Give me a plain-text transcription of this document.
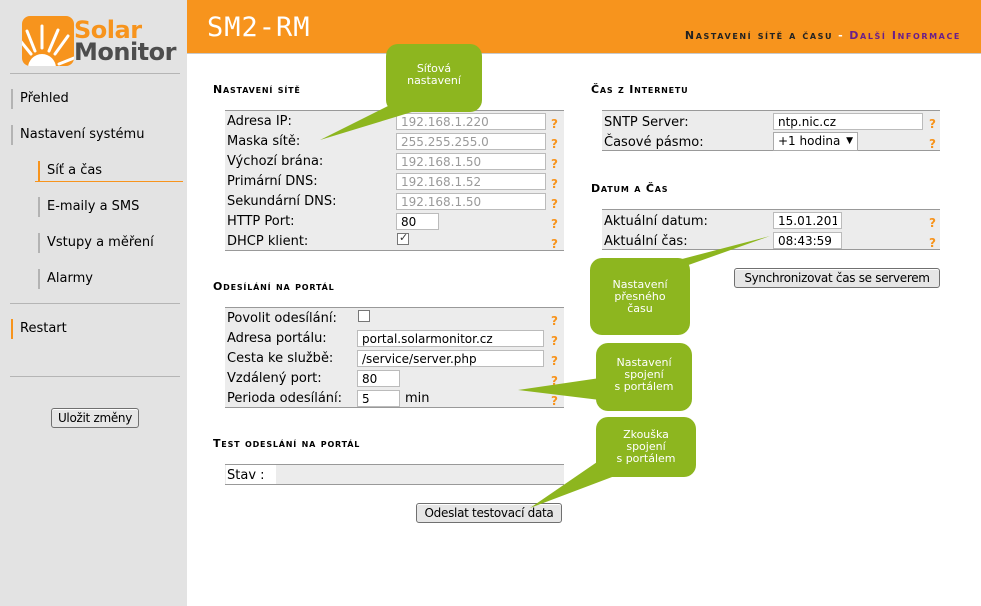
Solar
Monitor
Přehled
Nastavení systému
Síť a čas
E-maily a SMS
Vstupy a měření
Alarmy
Restart
Uložit změny
SM2-RM	Nastavení sítě a času - Další Informace
Nastavení sítě
Adresa IP:
192.168.1.220	?
Maska sítě:
255.255.255.0	?
Výchozí brána:
192.168.1.50	?
Primární DNS:
192.168.1.52	?
Sekundární DNS:
192.168.1.50	?
HTTP Port:
80	?
DHCP klient:
✓	?
Odesílání na portál
Povolit odesílání:	?
Adresa portálu:
portal.solarmonitor.cz	?
Cesta ke službě:
/service/server.php	?
Vzdálený port:
80	?
Perioda odesílání:
5	min	?
Test odeslání na portál
Stav :
Odeslat testovací data
Čas z Internetu
SNTP Server:
ntp.nic.cz	?
Časové pásmo:	+1 hodina ▼	?
Datum a Čas
Aktuální datum:
15.01.2014	?
Aktuální čas:
08:43:59	?
Synchronizovat čas se serverem
Síťová
nastavení
Nastavení
přesného
času
Nastavení
spojení
s portálem
Zkouška
spojení
s portálem
